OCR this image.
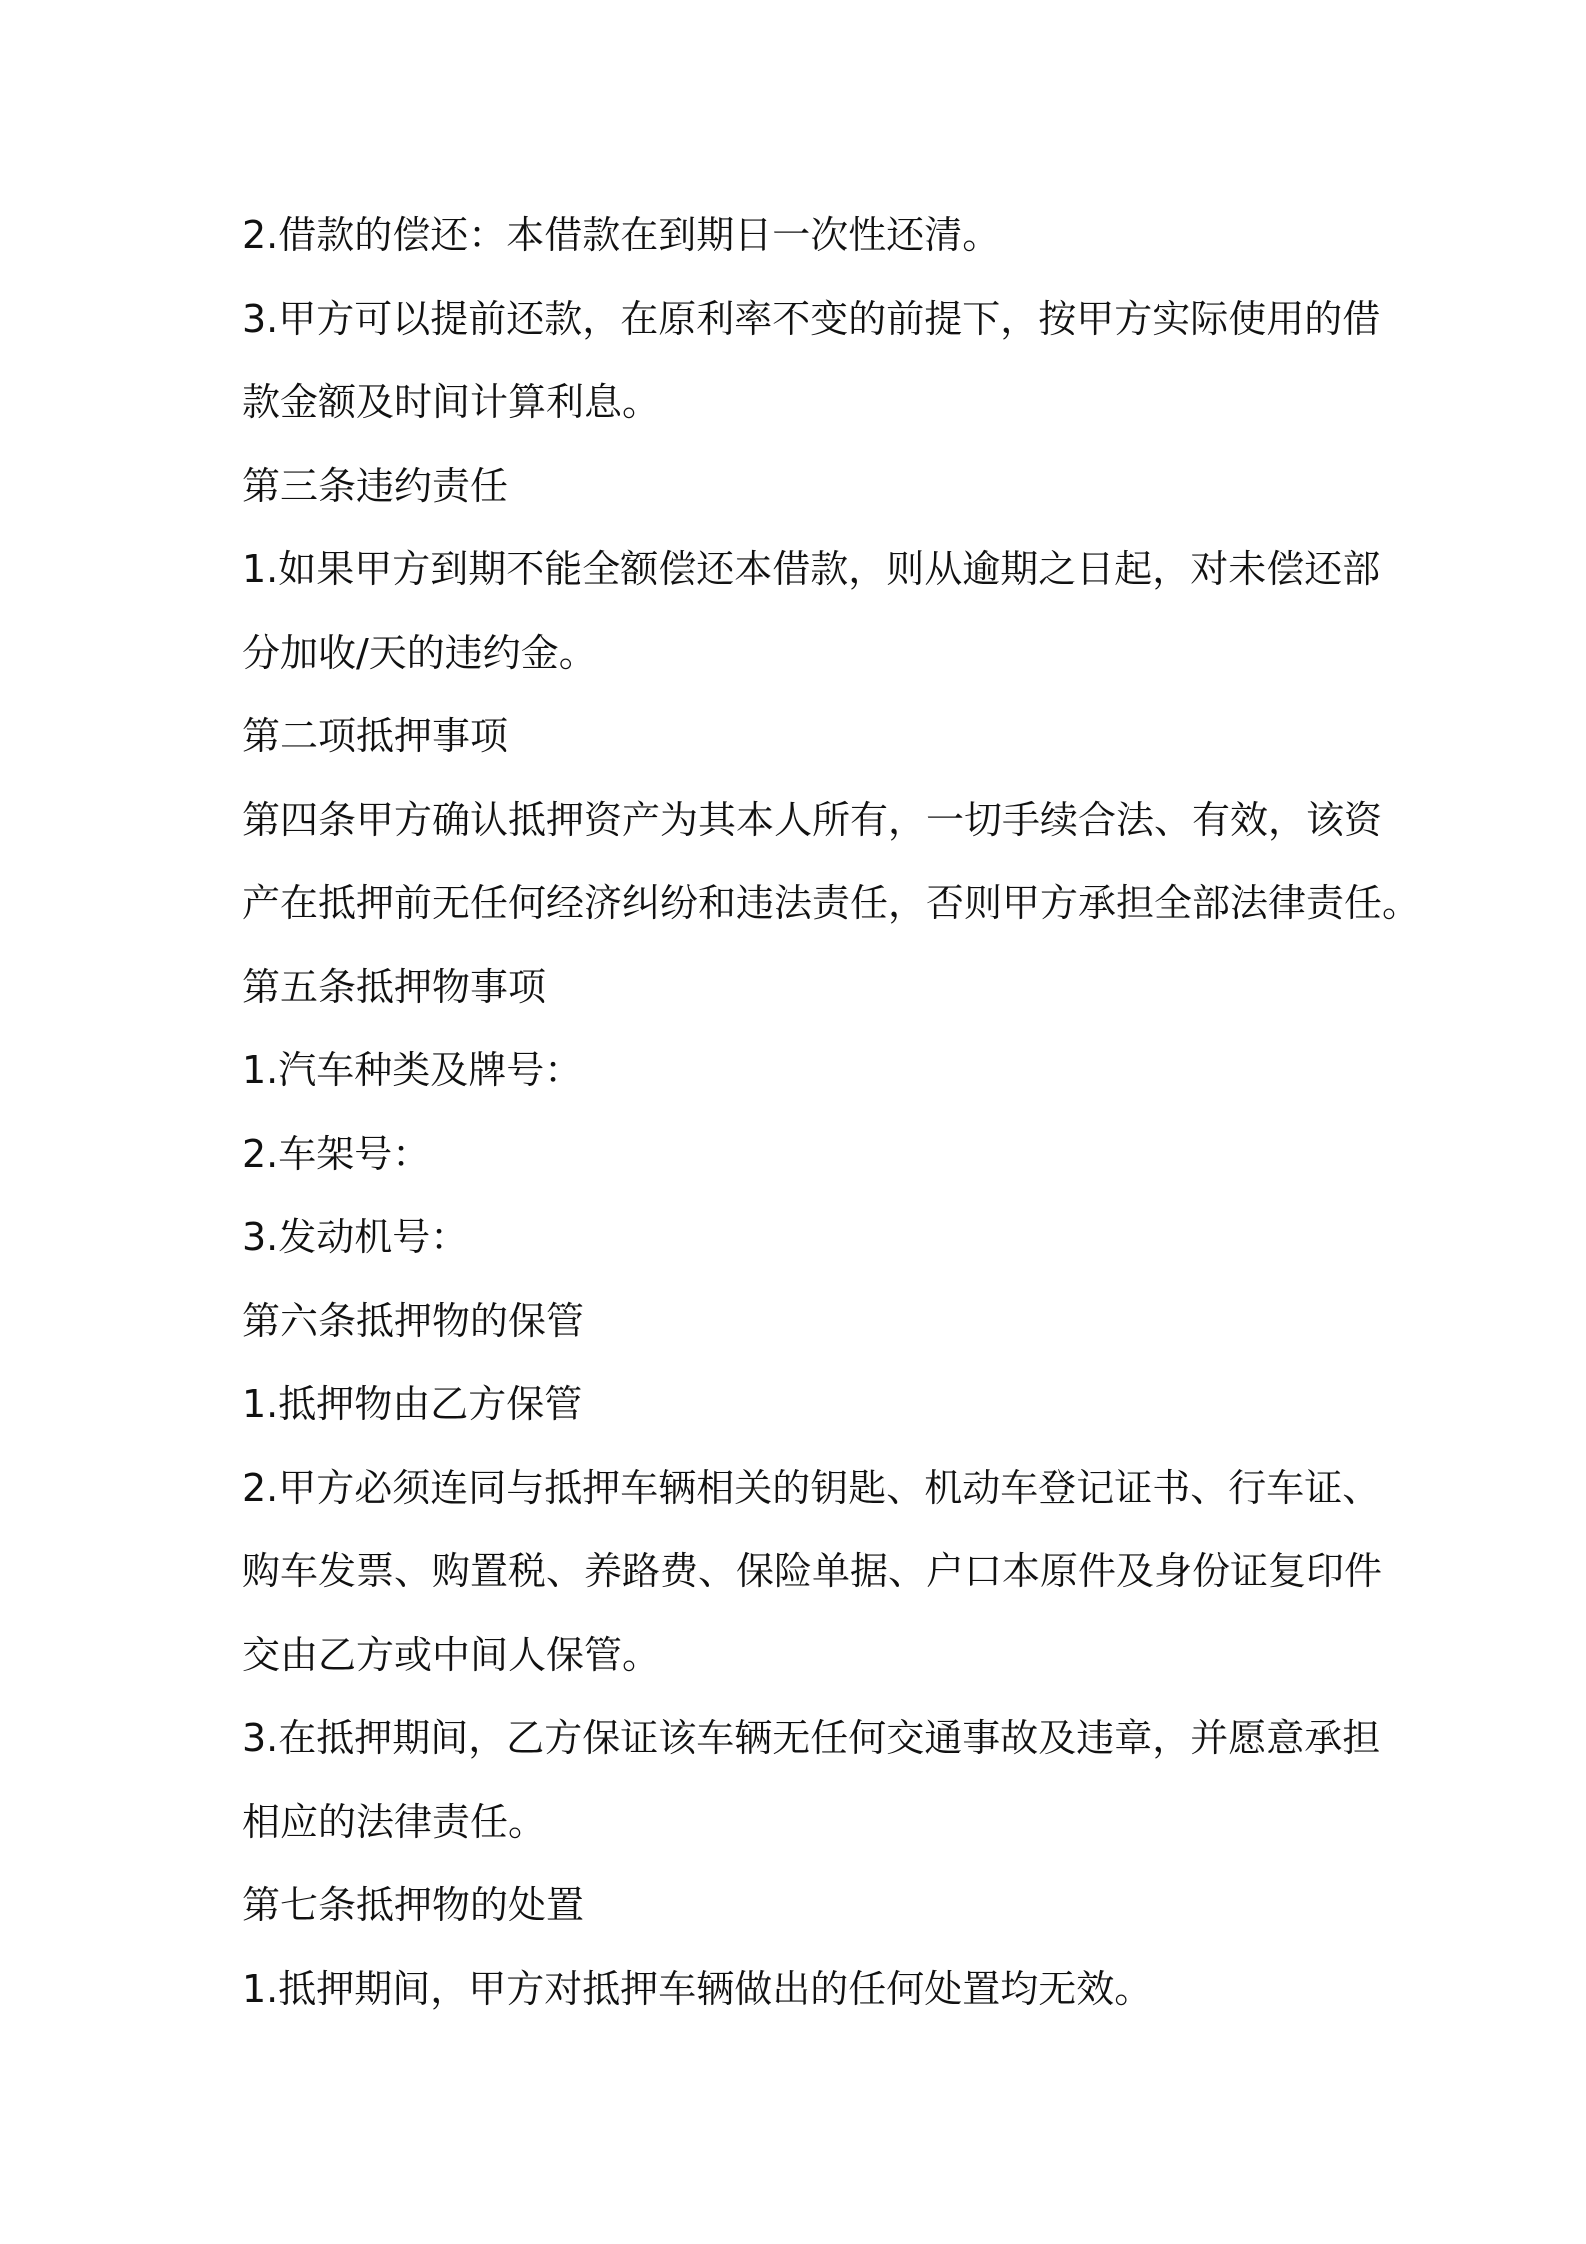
2.借款的偿还：本借款在到期日一次性还清。
3.甲方可以提前还款，在原利率不变的前提下，按甲方实际使用的借
款金额及时间计算利息。
第三条违约责任
1.如果甲方到期不能全额偿还本借款，则从逾期之日起，对未偿还部
分加收/天的违约金。
第二项抵押事项
第四条甲方确认抵押资产为其本人所有，一切手续合法、有效，该资
产在抵押前无任何经济纠纷和违法责任，否则甲方承担全部法律责任。
第五条抵押物事项
1.汽车种类及牌号：
2.车架号：
3.发动机号：
第六条抵押物的保管
1.抵押物由乙方保管
2.甲方必须连同与抵押车辆相关的钥匙、机动车登记证书、行车证、
购车发票、购置税、养路费、保险单据、户口本原件及身份证复印件
交由乙方或中间人保管。
3.在抵押期间，乙方保证该车辆无任何交通事故及违章，并愿意承担
相应的法律责任。
第七条抵押物的处置
1.抵押期间，甲方对抵押车辆做出的任何处置均无效。
